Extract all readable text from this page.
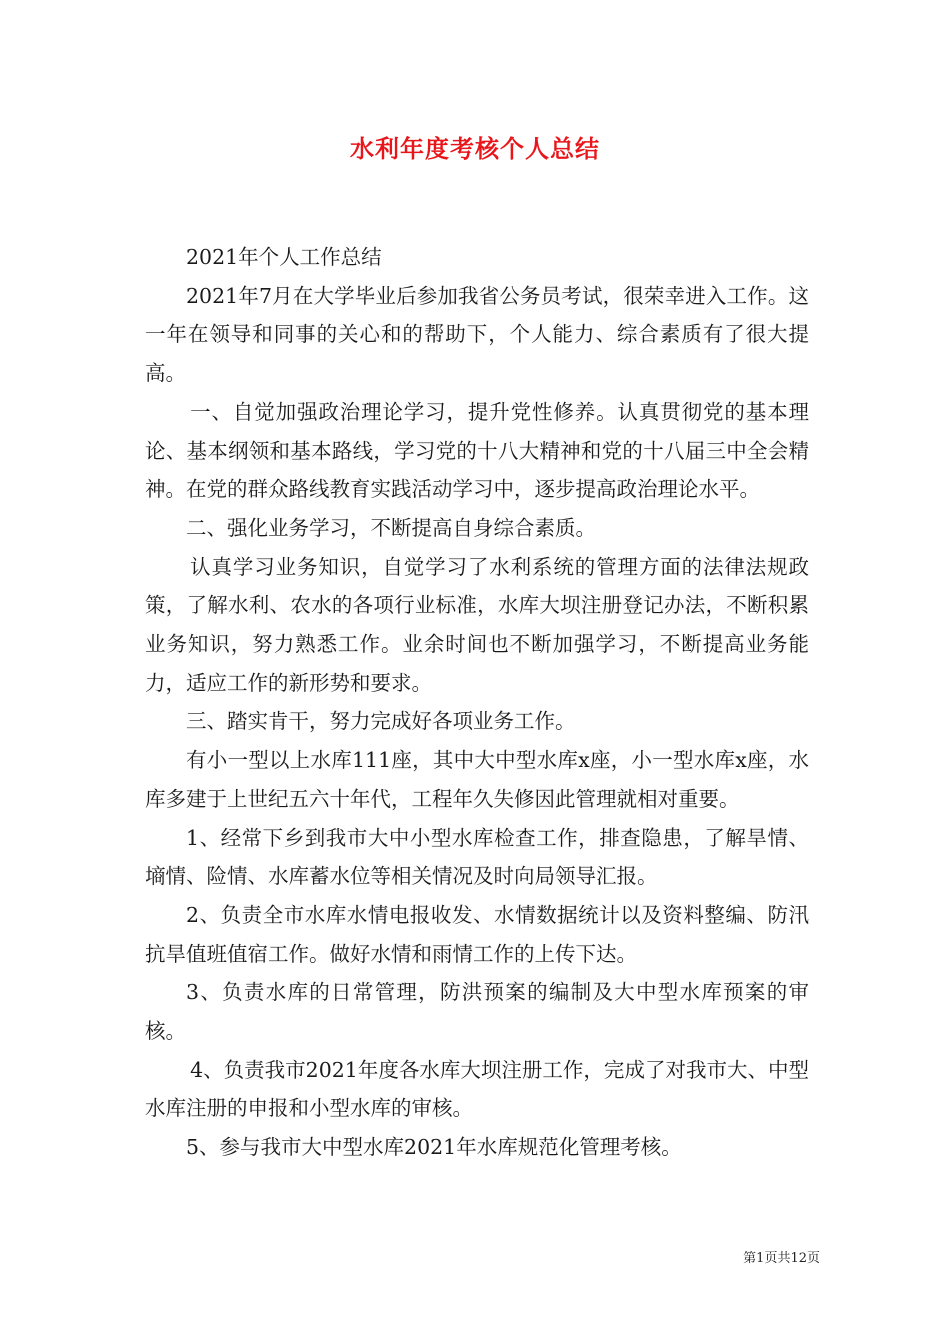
水利年度考核个人总结

2021年个人工作总结

2021年7月在大学毕业后参加我省公务员考试，很荣幸进入工作。这一年在领导和同事的关心和的帮助下，个人能力、综合素质有了很大提高。

一、自觉加强政治理论学习，提升党性修养。认真贯彻党的基本理论、基本纲领和基本路线，学习党的十八大精神和党的十八届三中全会精神。在党的群众路线教育实践活动学习中，逐步提高政治理论水平。

二、强化业务学习，不断提高自身综合素质。

认真学习业务知识，自觉学习了水利系统的管理方面的法律法规政策，了解水利、农水的各项行业标准，水库大坝注册登记办法，不断积累业务知识，努力熟悉工作。业余时间也不断加强学习，不断提高业务能力，适应工作的新形势和要求。

三、踏实肯干，努力完成好各项业务工作。

有小一型以上水库111座，其中大中型水库x座，小一型水库x座，水库多建于上世纪五六十年代，工程年久失修因此管理就相对重要。

1、经常下乡到我市大中小型水库检查工作，排查隐患，了解旱情、墒情、险情、水库蓄水位等相关情况及时向局领导汇报。

2、负责全市水库水情电报收发、水情数据统计以及资料整编、防汛抗旱值班值宿工作。做好水情和雨情工作的上传下达。

3、负责水库的日常管理，防洪预案的编制及大中型水库预案的审核。

4、负责我市2021年度各水库大坝注册工作，完成了对我市大、中型水库注册的申报和小型水库的审核。

5、参与我市大中型水库2021年水库规范化管理考核。

第1页共12页
